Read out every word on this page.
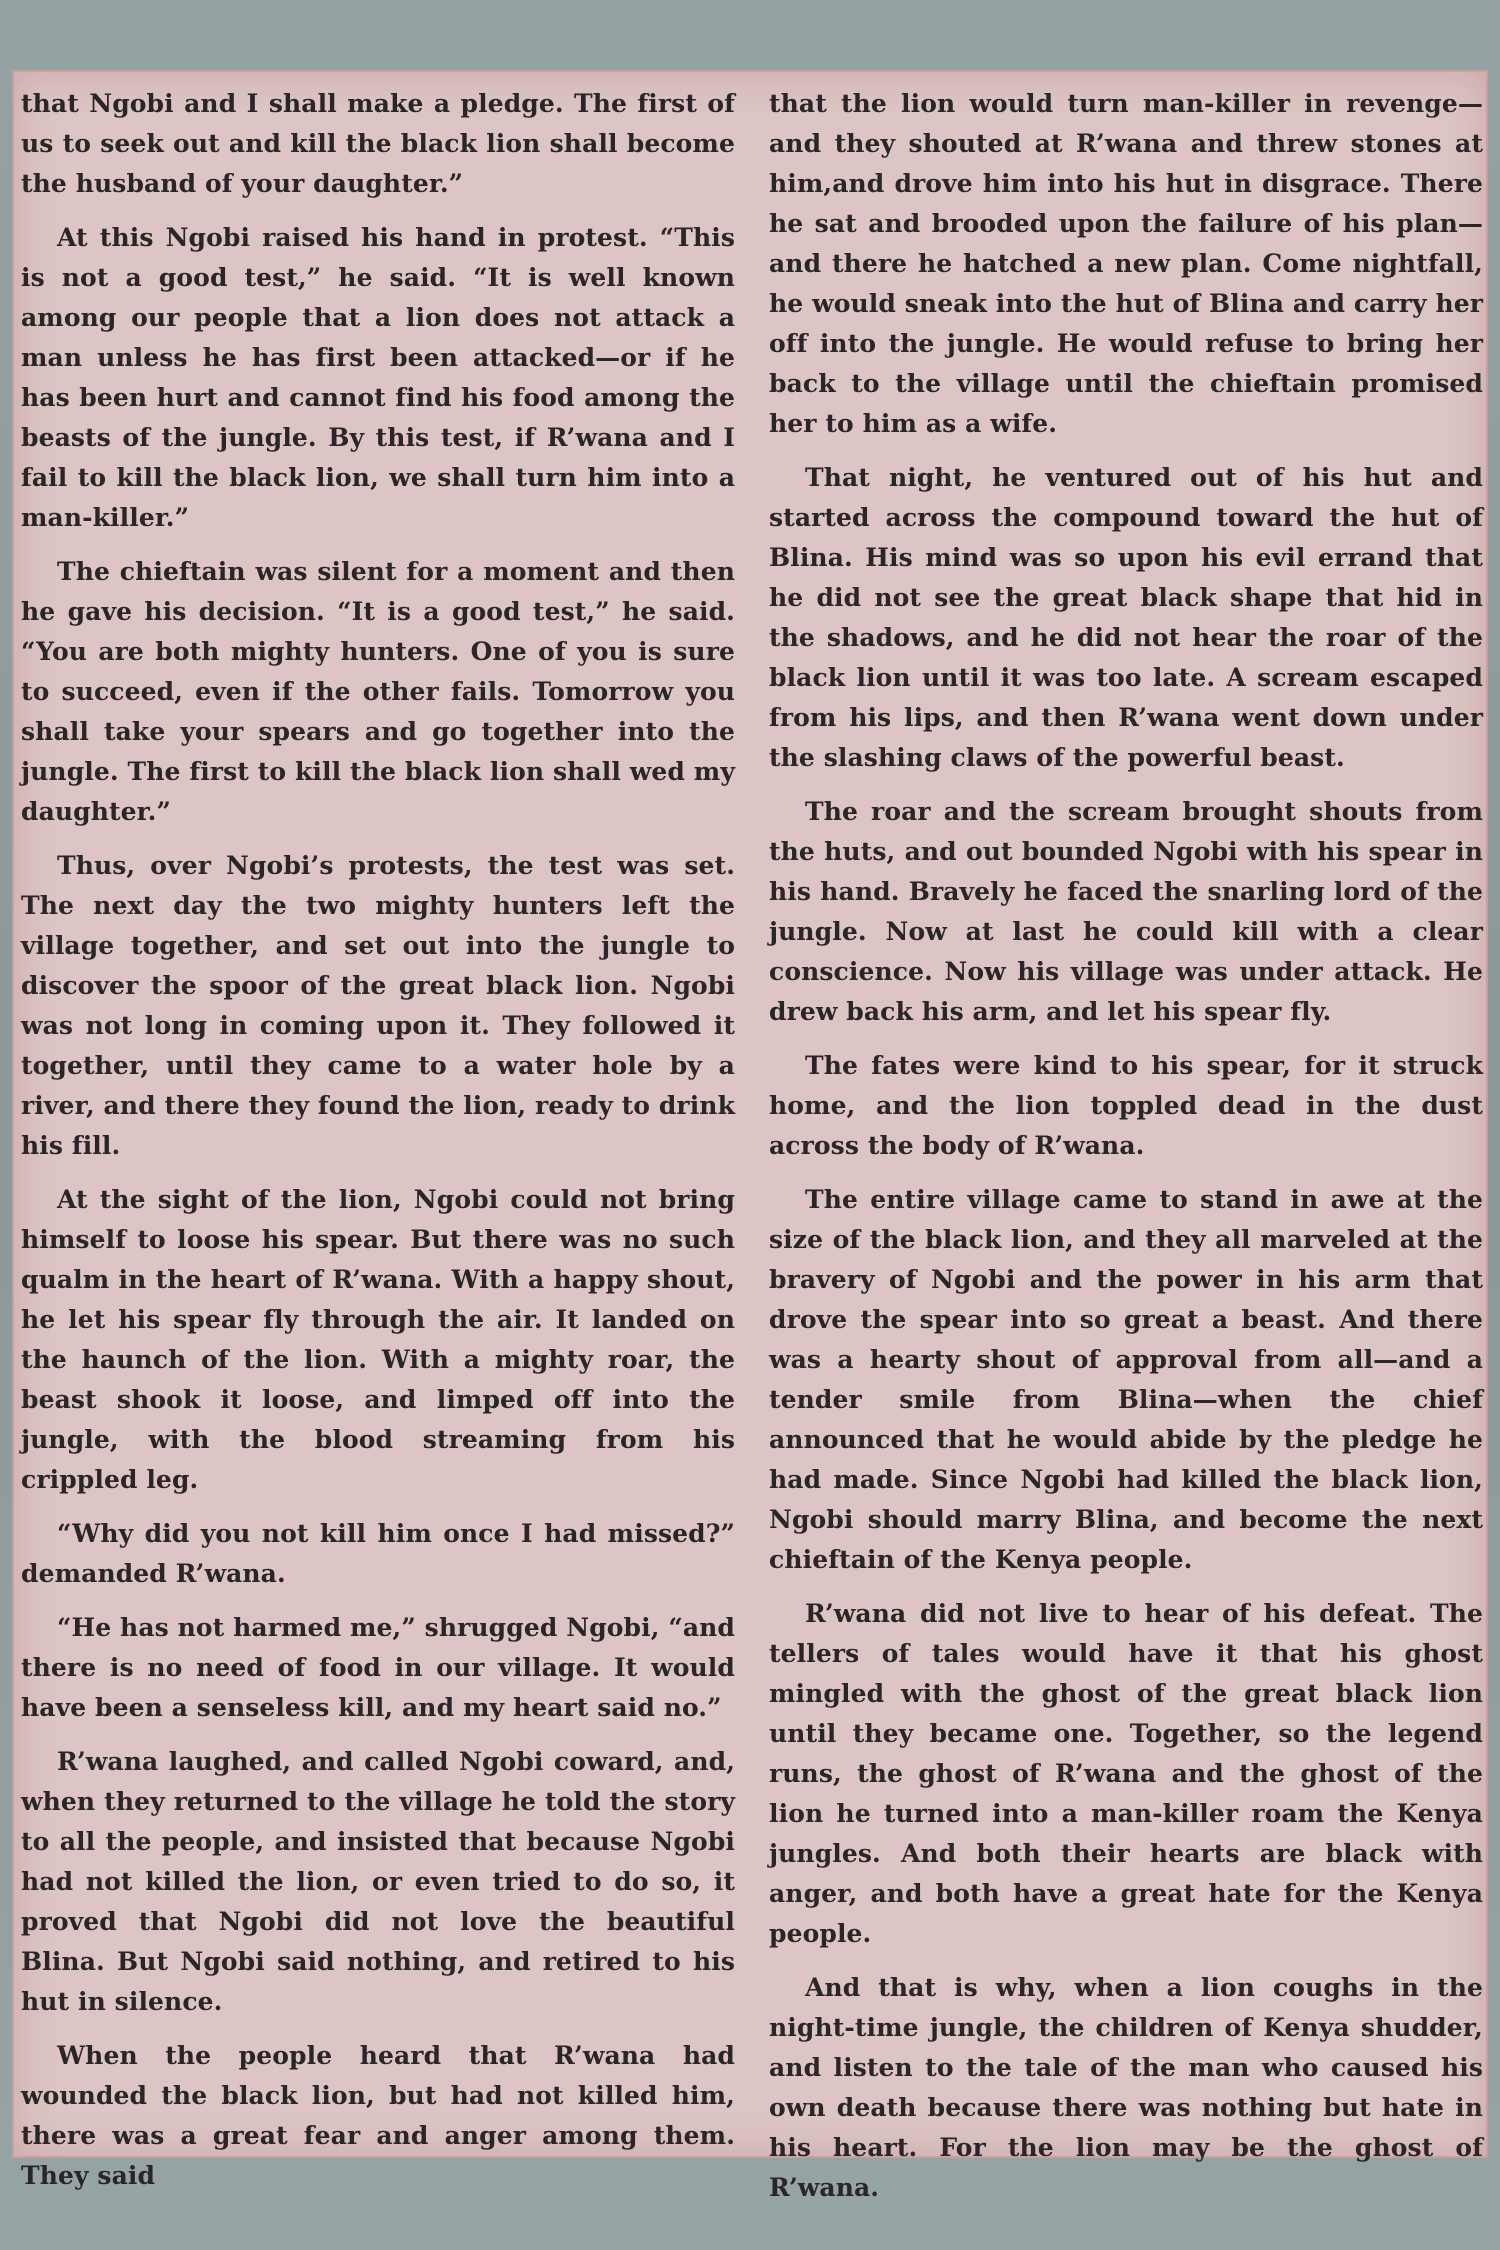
that Ngobi and I shall make a pledge. The first of us to seek out and kill the black lion shall become the husband of your daughter.”

At this Ngobi raised his hand in protest. “This is not a good test,” he said. “It is well known among our people that a lion does not attack a man unless he has first been attacked—or if he has been hurt and cannot find his food among the beasts of the jungle. By this test, if R’wana and I fail to kill the black lion, we shall turn him into a man-killer.”

The chieftain was silent for a moment and then he gave his decision. “It is a good test,” he said. “You are both mighty hunters. One of you is sure to succeed, even if the other fails. Tomorrow you shall take your spears and go together into the jungle. The first to kill the black lion shall wed my daughter.”

Thus, over Ngobi’s protests, the test was set. The next day the two mighty hunters left the village together, and set out into the jungle to discover the spoor of the great black lion. Ngobi was not long in coming upon it. They followed it together, until they came to a water hole by a river, and there they found the lion, ready to drink his fill.

At the sight of the lion, Ngobi could not bring himself to loose his spear. But there was no such qualm in the heart of R’wana. With a happy shout, he let his spear fly through the air. It landed on the haunch of the lion. With a mighty roar, the beast shook it loose, and limped off into the jungle, with the blood streaming from his crippled leg.

“Why did you not kill him once I had missed?” demanded R’wana.

“He has not harmed me,” shrugged Ngobi, “and there is no need of food in our village. It would have been a senseless kill, and my heart said no.”

R’wana laughed, and called Ngobi coward, and, when they returned to the village he told the story to all the people, and insisted that because Ngobi had not killed the lion, or even tried to do so, it proved that Ngobi did not love the beautiful Blina. But Ngobi said nothing, and retired to his hut in silence.

When the people heard that R’wana had wounded the black lion, but had not killed him, there was a great fear and anger among them. They said

that the lion would turn man-killer in revenge—and they shouted at R’wana and threw stones at him,and drove him into his hut in disgrace. There he sat and brooded upon the failure of his plan—and there he hatched a new plan. Come nightfall, he would sneak into the hut of Blina and carry her off into the jungle. He would refuse to bring her back to the village until the chieftain promised her to him as a wife.

That night, he ventured out of his hut and started across the compound toward the hut of Blina. His mind was so upon his evil errand that he did not see the great black shape that hid in the shadows, and he did not hear the roar of the black lion until it was too late. A scream escaped from his lips, and then R’wana went down under the slashing claws of the powerful beast.

The roar and the scream brought shouts from the huts, and out bounded Ngobi with his spear in his hand. Bravely he faced the snarling lord of the jungle. Now at last he could kill with a clear conscience. Now his village was under attack. He drew back his arm, and let his spear fly.

The fates were kind to his spear, for it struck home, and the lion toppled dead in the dust across the body of R’wana.

The entire village came to stand in awe at the size of the black lion, and they all marveled at the bravery of Ngobi and the power in his arm that drove the spear into so great a beast. And there was a hearty shout of approval from all—and a tender smile from Blina—when the chief announced that he would abide by the pledge he had made. Since Ngobi had killed the black lion, Ngobi should marry Blina, and become the next chieftain of the Kenya people.

R’wana did not live to hear of his defeat. The tellers of tales would have it that his ghost mingled with the ghost of the great black lion until they became one. Together, so the legend runs, the ghost of R’wana and the ghost of the lion he turned into a man-killer roam the Kenya jungles. And both their hearts are black with anger, and both have a great hate for the Kenya people.

And that is why, when a lion coughs in the night-time jungle, the children of Kenya shudder, and listen to the tale of the man who caused his own death because there was nothing but hate in his heart. For the lion may be the ghost of R’wana.
